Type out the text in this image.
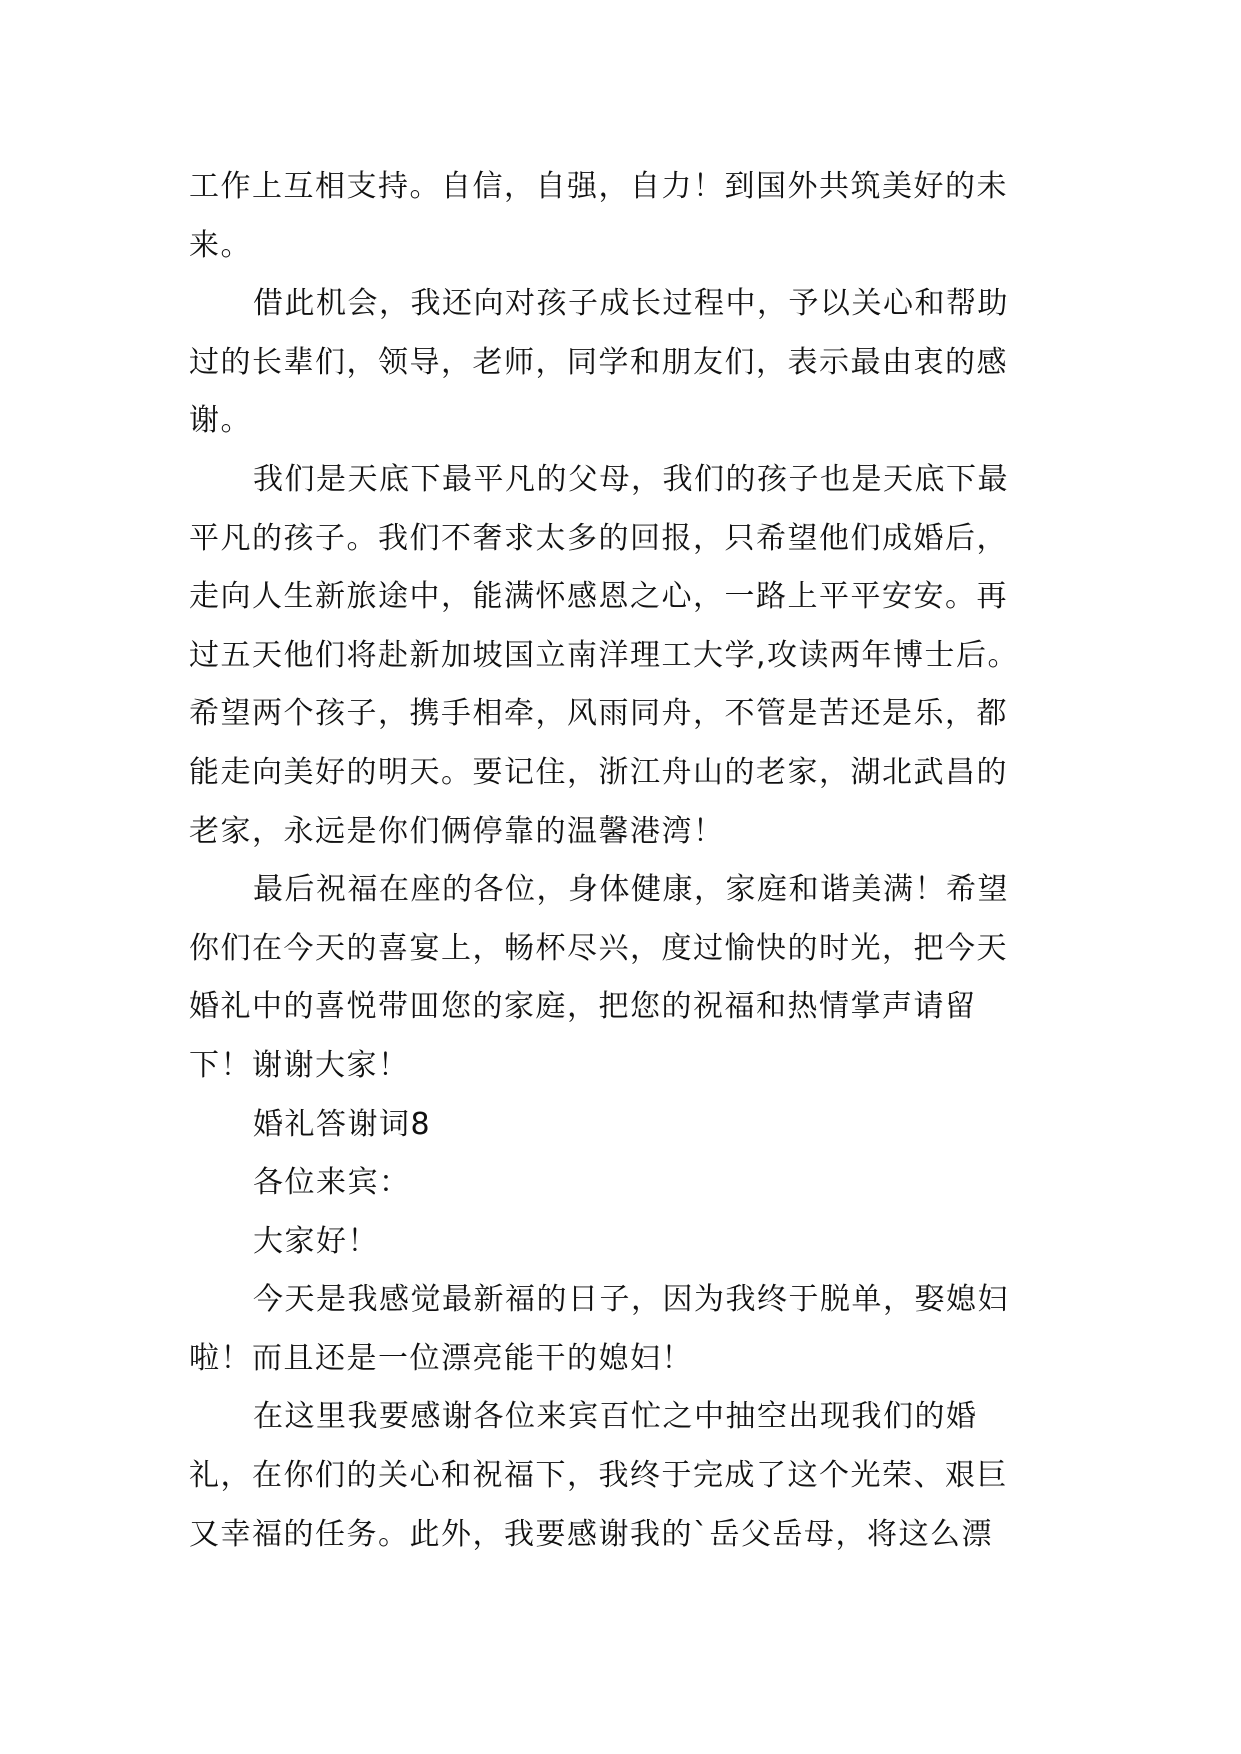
工作上互相支持。自信，自强，自力！到国外共筑美好的未
来。
借此机会，我还向对孩子成长过程中，予以关心和帮助
过的长辈们，领导，老师，同学和朋友们，表示最由衷的感
谢。
我们是天底下最平凡的父母，我们的孩子也是天底下最
平凡的孩子。我们不奢求太多的回报，只希望他们成婚后，
走向人生新旅途中，能满怀感恩之心，一路上平平安安。再
过五天他们将赴新加坡国立南洋理工大学,攻读两年博士后。
希望两个孩子，携手相牵，风雨同舟，不管是苦还是乐，都
能走向美好的明天。要记住，浙江舟山的老家，湖北武昌的
老家，永远是你们俩停靠的温馨港湾！
最后祝福在座的各位，身体健康，家庭和谐美满！希望
你们在今天的喜宴上，畅杯尽兴，度过愉快的时光，把今天
婚礼中的喜悦带囬您的家庭，把您的祝福和热情掌声请留
下！谢谢大家！
婚礼答谢词8
各位来宾：
大家好！
今天是我感觉最新福的日子，因为我终于脱单，娶媳妇
啦！而且还是一位漂亮能干的媳妇！
在这里我要感谢各位来宾百忙之中抽空出现我们的婚
礼，在你们的关心和祝福下，我终于完成了这个光荣、艰巨
又幸福的任务。此外，我要感谢我的`岳父岳母，将这么漂
